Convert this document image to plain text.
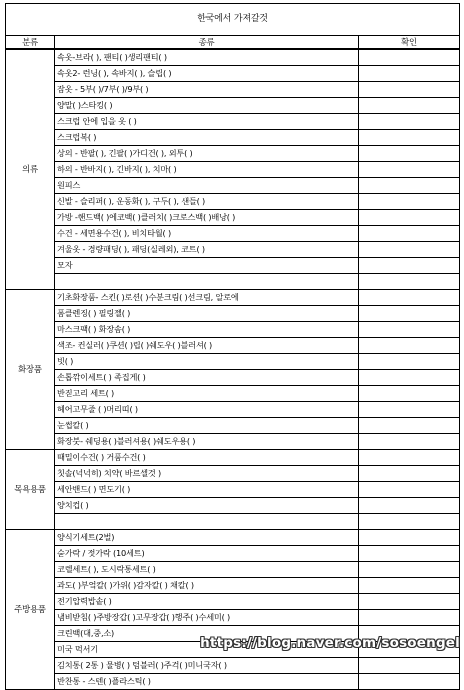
한국에서 가져갈것		
분류	종류	확인
의류	속옷-브라( ), 팬티( )생리팬티( )	
	속옷2- 런닝( ), 속바지( ), 슬립( )	
	잠옷 - 5부( )/7부( )/9부( )	
	양말( )스타킹( )	
	스크럽 안에 입을 옷 ( )	
	스크럽복( )	
	상의 - 반팔( ), 긴팔( )가디건( ), 외투( )	
	하의 - 반바지( ), 긴바지( ), 치마( )	
	원피스	
	신발 - 슬리퍼( ), 운동화( ), 구두( ), 샌들( )	
	가방 -핸드백( )에코백( )클러치( )크로스백( )배낭( )	
	수건 - 세면용수건( ), 비치타월( )	
	겨울옷 - 경량패딩( ), 패딩(실레외), 코트( )	
	모자	

화장품	기초화장품- 스킨( )로션( )수분크림( )선크림, 알로에	
	폼클렌징( ) 필링젤( )	
	마스크팩( ) 화장솜( )	
	색조- 컨실러( )쿠션( )립( )쉐도우( )블러셔( )	
	빗( )	
	손톱깎이세트( ) 족집게( )	
	반짇고리 세트( )	
	헤어고무줄 ( )머리띠( )	
	눈썹칼( )	
	화장붓- 쉐딩용( )블러셔용( )쉐도우용( )	
목욕용품	때밀이수건( ) 거품수건( )	
	칫솔(넉넉히) 치약( 바르셀것 )	
	세안밴드( ) 면도기( )	
	양치컵( )	

주방용품	양식기세트(2벌)	
	숟가락 / 젓가락 (10세트)	
	코렐세트( ), 도시락통세트( )	
	과도( )부엌칼( )가위( )감자칼( ) 채칼( )	
	전기압력밥솥( )	
	냄비받침( )주방장갑( )고무장갑( )행주( )수세미( )	
	크린백(대,중,소)	
	미국 먹서기	
	김치통( 2통 ) 물병( ) 텀블러( )주걱( )미니국자( )	
	반찬통 - 스텐( )플라스틱( )	
https://blog.naver.com/sosoengel
